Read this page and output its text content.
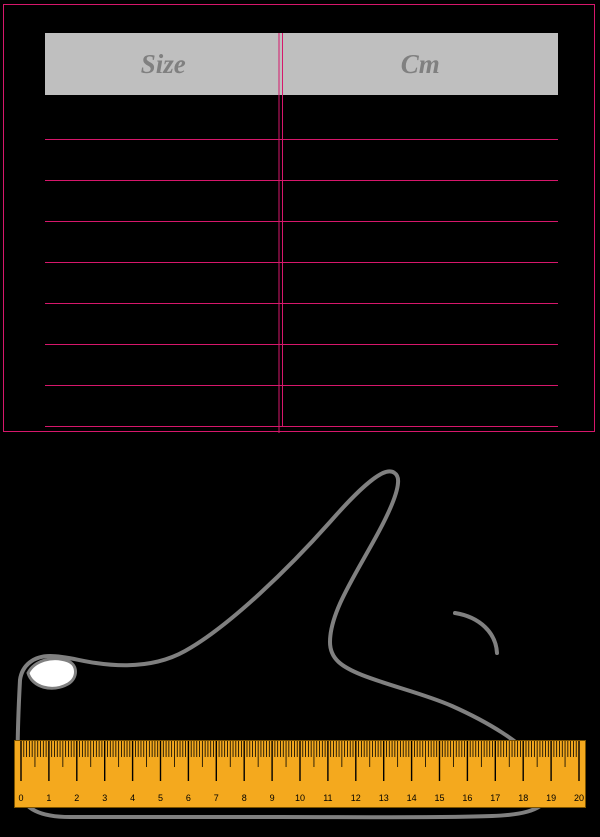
Size	Cm

0	1	2	3	4	5	6	7	8	9 10 11 12 13 14 15 16 17 18 19 20
